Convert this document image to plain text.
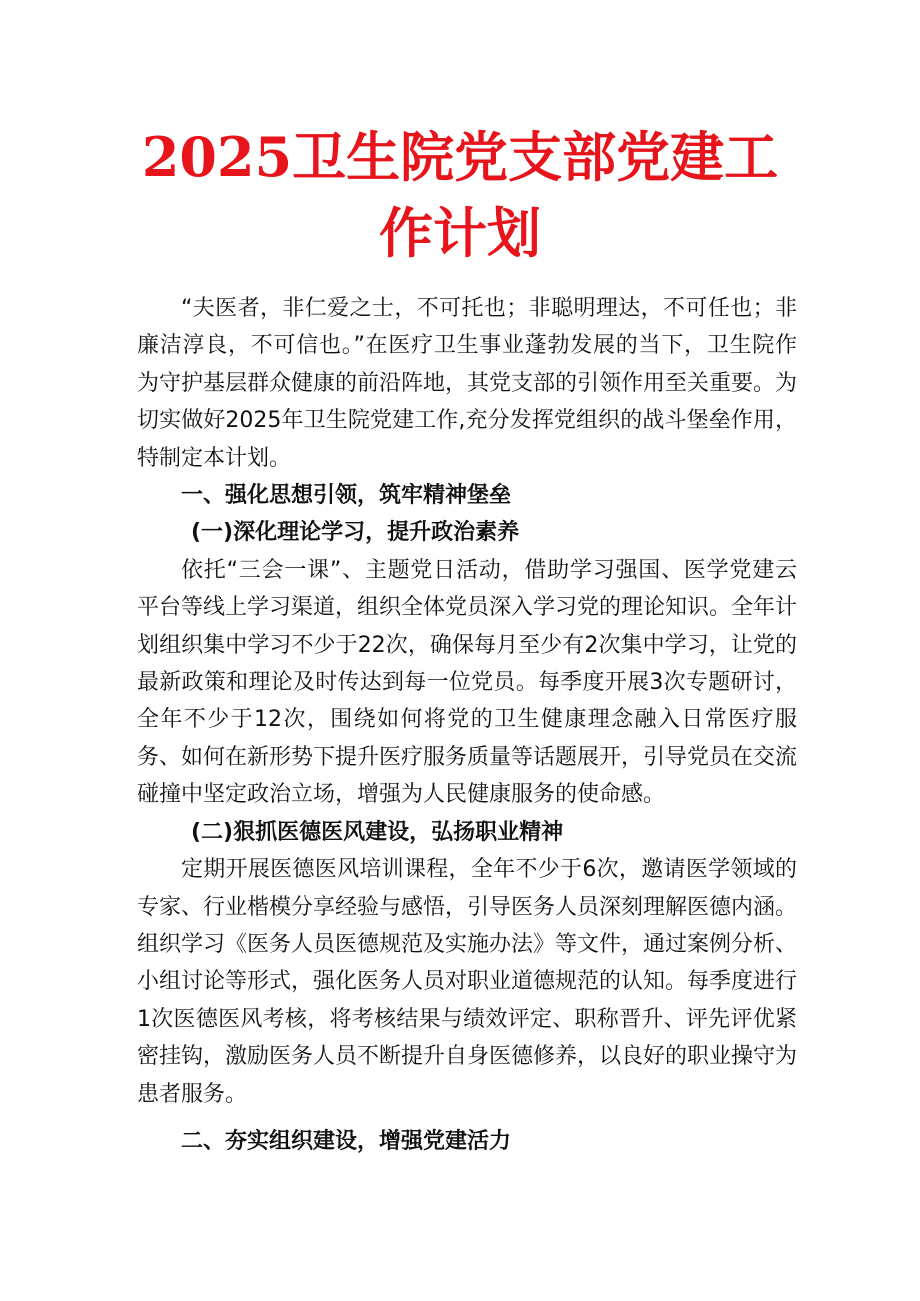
2025卫生院党支部党建工
作计划

“夫医者，非仁爱之士，不可托也；非聪明理达，不可任也；非廉洁淳良，不可信也。”在医疗卫生事业蓬勃发展的当下，卫生院作为守护基层群众健康的前沿阵地，其党支部的引领作用至关重要。为切实做好2025年卫生院党建工作,充分发挥党组织的战斗堡垒作用，特制定本计划。

一、强化思想引领，筑牢精神堡垒

(一)深化理论学习，提升政治素养

依托“三会一课”、主题党日活动，借助学习强国、医学党建云平台等线上学习渠道，组织全体党员深入学习党的理论知识。全年计划组织集中学习不少于22次，确保每月至少有2次集中学习，让党的最新政策和理论及时传达到每一位党员。每季度开展3次专题研讨，全年不少于12次，围绕如何将党的卫生健康理念融入日常医疗服务、如何在新形势下提升医疗服务质量等话题展开，引导党员在交流碰撞中坚定政治立场，增强为人民健康服务的使命感。

(二)狠抓医德医风建设，弘扬职业精神

定期开展医德医风培训课程，全年不少于6次，邀请医学领域的专家、行业楷模分享经验与感悟，引导医务人员深刻理解医德内涵。组织学习《医务人员医德规范及实施办法》等文件，通过案例分析、小组讨论等形式，强化医务人员对职业道德规范的认知。每季度进行1次医德医风考核，将考核结果与绩效评定、职称晋升、评先评优紧密挂钩，激励医务人员不断提升自身医德修养，以良好的职业操守为患者服务。

二、夯实组织建设，增强党建活力
